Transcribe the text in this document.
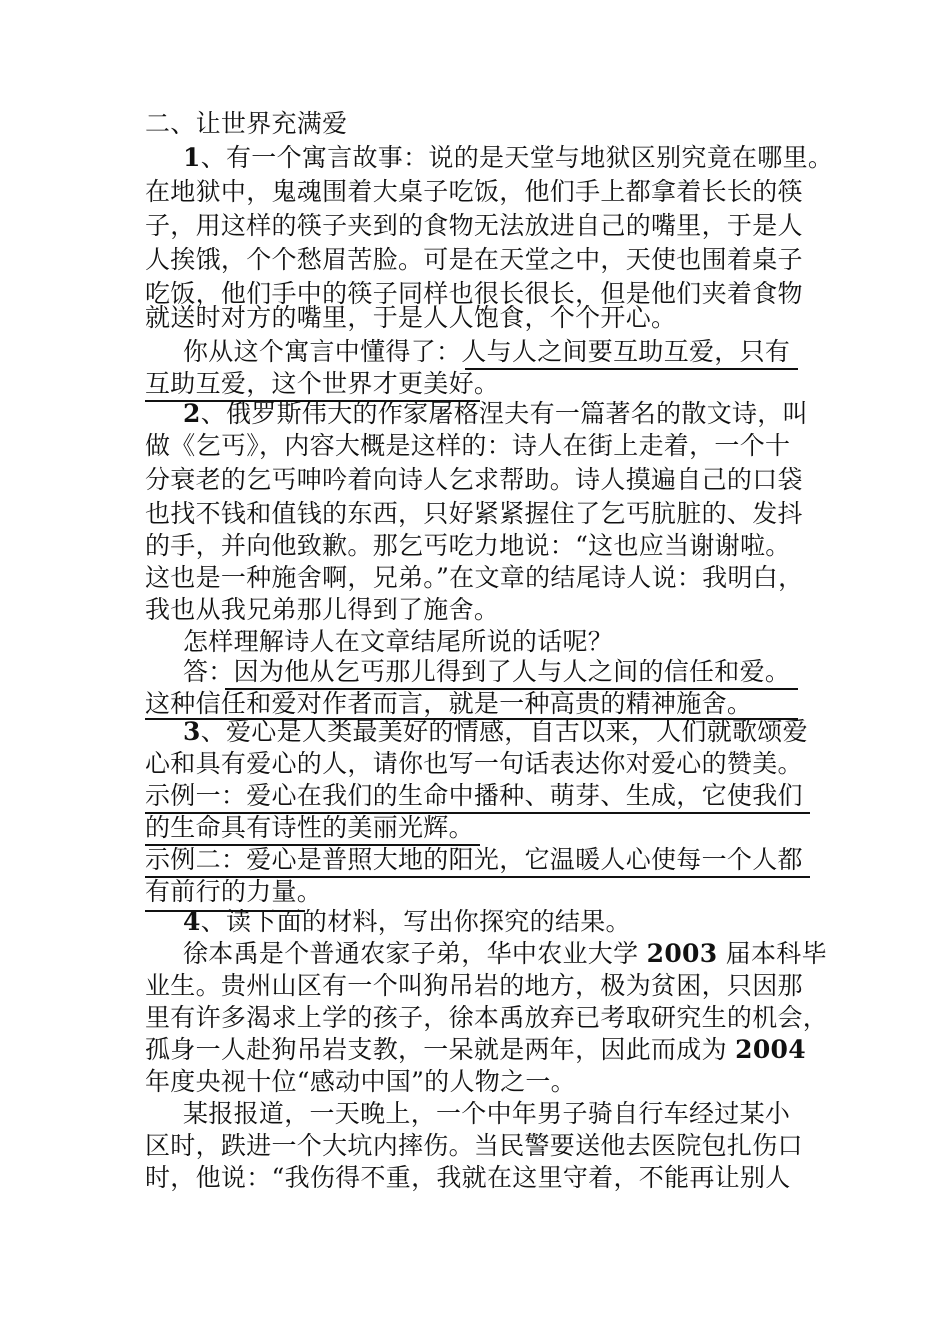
二、让世界充满爱
1、有一个寓言故事：说的是天堂与地狱区别究竟在哪里。
在地狱中，鬼魂围着大桌子吃饭，他们手上都拿着长长的筷
子，用这样的筷子夹到的食物无法放进自己的嘴里，于是人
人挨饿，个个愁眉苦脸。可是在天堂之中，天使也围着桌子
吃饭，他们手中的筷子同样也很长很长，但是他们夹着食物
就送时对方的嘴里，于是人人饱食，个个开心。
你从这个寓言中懂得了：人与人之间要互助互爱，只有
互助互爱，这个世界才更美好。
2、俄罗斯伟大的作家屠格涅夫有一篇著名的散文诗，叫
做《乞丐》，内容大概是这样的：诗人在街上走着，一个十
分衰老的乞丐呻吟着向诗人乞求帮助。诗人摸遍自己的口袋
也找不钱和值钱的东西，只好紧紧握住了乞丐肮脏的、发抖
的手，并向他致歉。那乞丐吃力地说：“这也应当谢谢啦。
这也是一种施舍啊，兄弟。”在文章的结尾诗人说：我明白，
我也从我兄弟那儿得到了施舍。
怎样理解诗人在文章结尾所说的话呢？
答：因为他从乞丐那儿得到了人与人之间的信任和爱。
这种信任和爱对作者而言，就是一种高贵的精神施舍。
3、爱心是人类最美好的情感，自古以来，人们就歌颂爱
心和具有爱心的人，请你也写一句话表达你对爱心的赞美。
示例一：爱心在我们的生命中播种、萌芽、生成，它使我们
的生命具有诗性的美丽光辉。
示例二：爱心是普照大地的阳光，它温暖人心使每一个人都
有前行的力量。
4、读下面的材料，写出你探究的结果。
徐本禹是个普通农家子弟，华中农业大学 2003 届本科毕
业生。贵州山区有一个叫狗吊岩的地方，极为贫困，只因那
里有许多渴求上学的孩子，徐本禹放弃已考取研究生的机会，
孤身一人赴狗吊岩支教，一呆就是两年，因此而成为 2004
年度央视十位“感动中国”的人物之一。
某报报道，一天晚上，一个中年男子骑自行车经过某小
区时，跌进一个大坑内摔伤。当民警要送他去医院包扎伤口
时，他说：“我伤得不重，我就在这里守着，不能再让别人
